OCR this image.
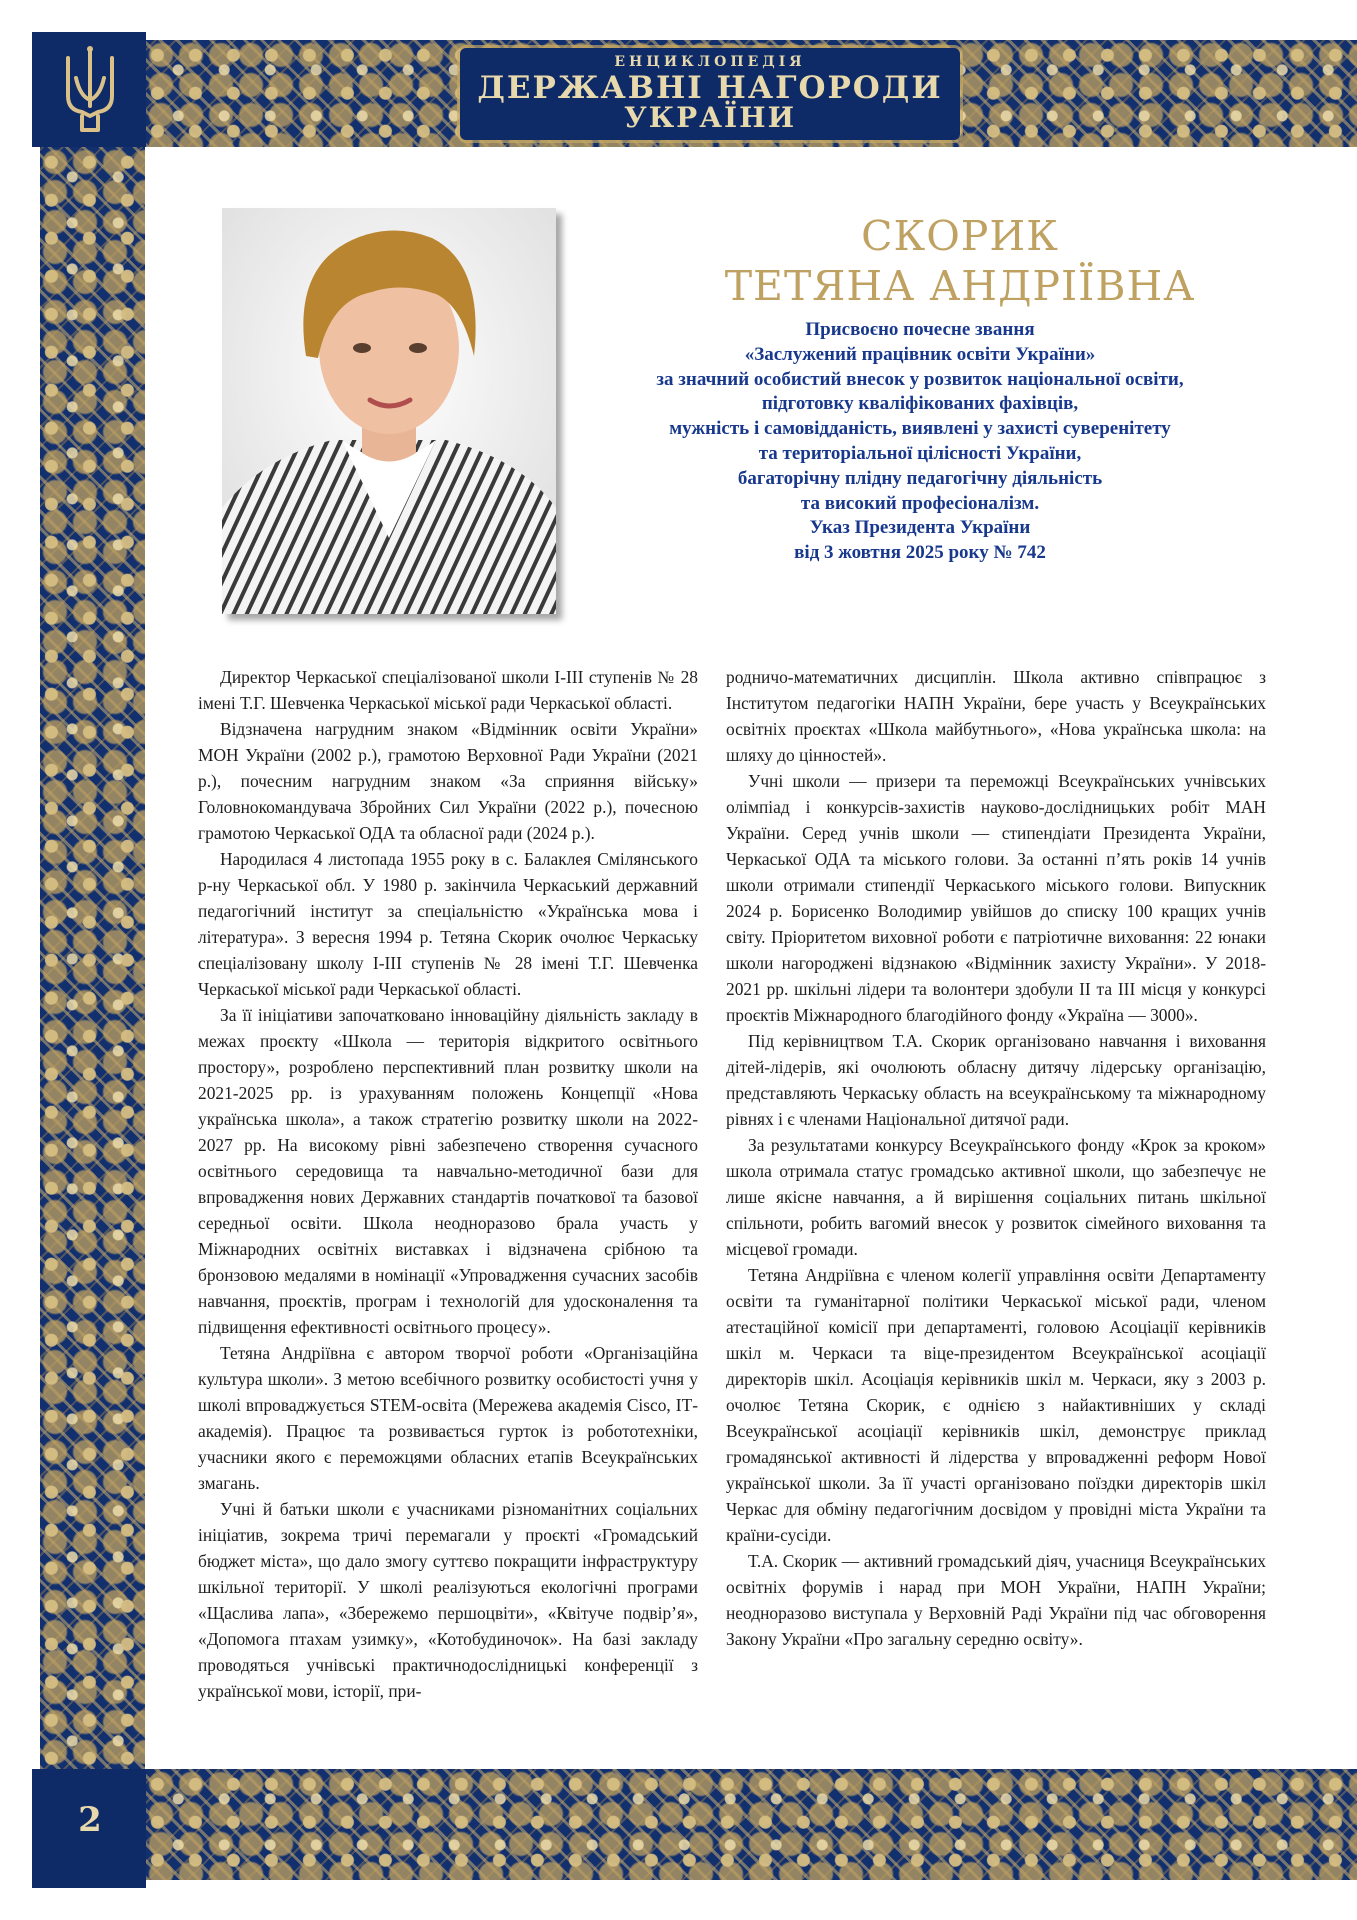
ЕНЦИКЛОПЕДІЯ
ДЕРЖАВНІ НАГОРОДИ
УКРАЇНИ
2
СКОРИК
ТЕТЯНА АНДРІЇВНА
Присвоєно почесне звання
«Заслужений працівник освіти України»
за значний особистий внесок у розвиток національної освіти,
підготовку кваліфікованих фахівців,
мужність і самовідданість, виявлені у захисті суверенітету
та територіальної цілісності України,
багаторічну плідну педагогічну діяльність
та високий професіоналізм.
Указ Президента України
від 3 жовтня 2025 року № 742

Директор Черкаської спеціалізованої школи І-ІІІ ступенів № 28 імені Т.Г. Шевченка Черкаської міської ради Черкаської області.

Відзначена нагрудним знаком «Відмінник освіти України» МОН України (2002 р.), грамотою Верховної Ради України (2021 р.), почесним нагрудним знаком «За сприяння війську» Головнокомандувача Збройних Сил України (2022 р.), почесною грамотою Черкаської ОДА та обласної ради (2024 р.).

Народилася 4 листопада 1955 року в с. Балаклея Смілянського р-ну Черкаської обл. У 1980 р. закінчила Черкаський державний педагогічний інститут за спеціальністю «Українська мова і література». З вересня 1994 р. Тетяна Скорик очолює Черкаську спеціалізовану школу І-ІІІ ступенів № 28 імені Т.Г. Шевченка Черкаської міської ради Черкаської області.

За її ініціативи започатковано інноваційну діяльність закладу в межах проєкту «Школа — територія відкритого освітнього простору», розроблено перспективний план розвитку школи на 2021-2025 рр. із урахуванням положень Концепції «Нова українська школа», а також стратегію розвитку школи на 2022-2027 рр. На високому рівні забезпечено створення сучасного освітнього середовища та навчально-методичної бази для впровадження нових Державних стандартів початкової та базової середньої освіти. Школа неодноразово брала участь у Міжнародних освітніх виставках і відзначена срібною та бронзовою медалями в номінації «Упровадження сучасних засобів навчання, проєктів, програм і технологій для удосконалення та підвищення ефективності освітнього процесу».

Тетяна Андріївна є автором творчої роботи «Організаційна культура школи». З метою всебічного розвитку особистості учня у школі впроваджується STEM-освіта (Мережева академія Cisco, ІТ-академія). Працює та розвивається гурток із робототехніки, учасники якого є переможцями обласних етапів Всеукраїнських змагань.

Учні й батьки школи є учасниками різноманітних соціальних ініціатив, зокрема тричі перемагали у проєкті «Громадський бюджет міста», що дало змогу суттєво покращити інфраструктуру шкільної території. У школі реалізуються екологічні програми «Щаслива лапа», «Збережемо першоцвіти», «Квітуче подвір’я», «Допомога птахам узимку», «Котобудиночок». На базі закладу проводяться учнівські практичнодослідницькі конференції з української мови, історії, при-

родничо-математичних дисциплін. Школа активно співпрацює з Інститутом педагогіки НАПН України, бере участь у Всеукраїнських освітніх проєктах «Школа майбутнього», «Нова українська школа: на шляху до цінностей».

Учні школи — призери та переможці Всеукраїнських учнівських олімпіад і конкурсів-захистів науково-дослідницьких робіт МАН України. Серед учнів школи — стипендіати Президента України, Черкаської ОДА та міського голови. За останні п’ять років 14 учнів школи отримали стипендії Черкаського міського голови. Випускник 2024 р. Борисенко Володимир увійшов до списку 100 кращих учнів світу. Пріоритетом виховної роботи є патріотичне виховання: 22 юнаки школи нагороджені відзнакою «Відмінник захисту України». У 2018-2021 рр. шкільні лідери та волонтери здобули ІІ та ІІІ місця у конкурсі проєктів Міжнародного благодійного фонду «Україна — 3000».

Під керівництвом Т.А. Скорик організовано навчання і виховання дітей-лідерів, які очолюють обласну дитячу лідерську організацію, представляють Черкаську область на всеукраїнському та міжнародному рівнях і є членами Національної дитячої ради.

За результатами конкурсу Всеукраїнського фонду «Крок за кроком» школа отримала статус громадсько активної школи, що забезпечує не лише якісне навчання, а й вирішення соціальних питань шкільної спільноти, робить вагомий внесок у розвиток сімейного виховання та місцевої громади.

Тетяна Андріївна є членом колегії управління освіти Департаменту освіти та гуманітарної політики Черкаської міської ради, членом атестаційної комісії при департаменті, головою Асоціації керівників шкіл м. Черкаси та віце-президентом Всеукраїнської асоціації директорів шкіл. Асоціація керівників шкіл м. Черкаси, яку з 2003 р. очолює Тетяна Скорик, є однією з найактивніших у складі Всеукраїнської асоціації керівників шкіл, демонструє приклад громадянської активності й лідерства у впровадженні реформ Нової української школи. За її участі організовано поїздки директорів шкіл Черкас для обміну педагогічним досвідом у провідні міста України та країни-сусіди.

Т.А. Скорик — активний громадський діяч, учасниця Всеукраїнських освітніх форумів і нарад при МОН України, НАПН України; неодноразово виступала у Верховній Раді України під час обговорення Закону України «Про загальну середню освіту».
